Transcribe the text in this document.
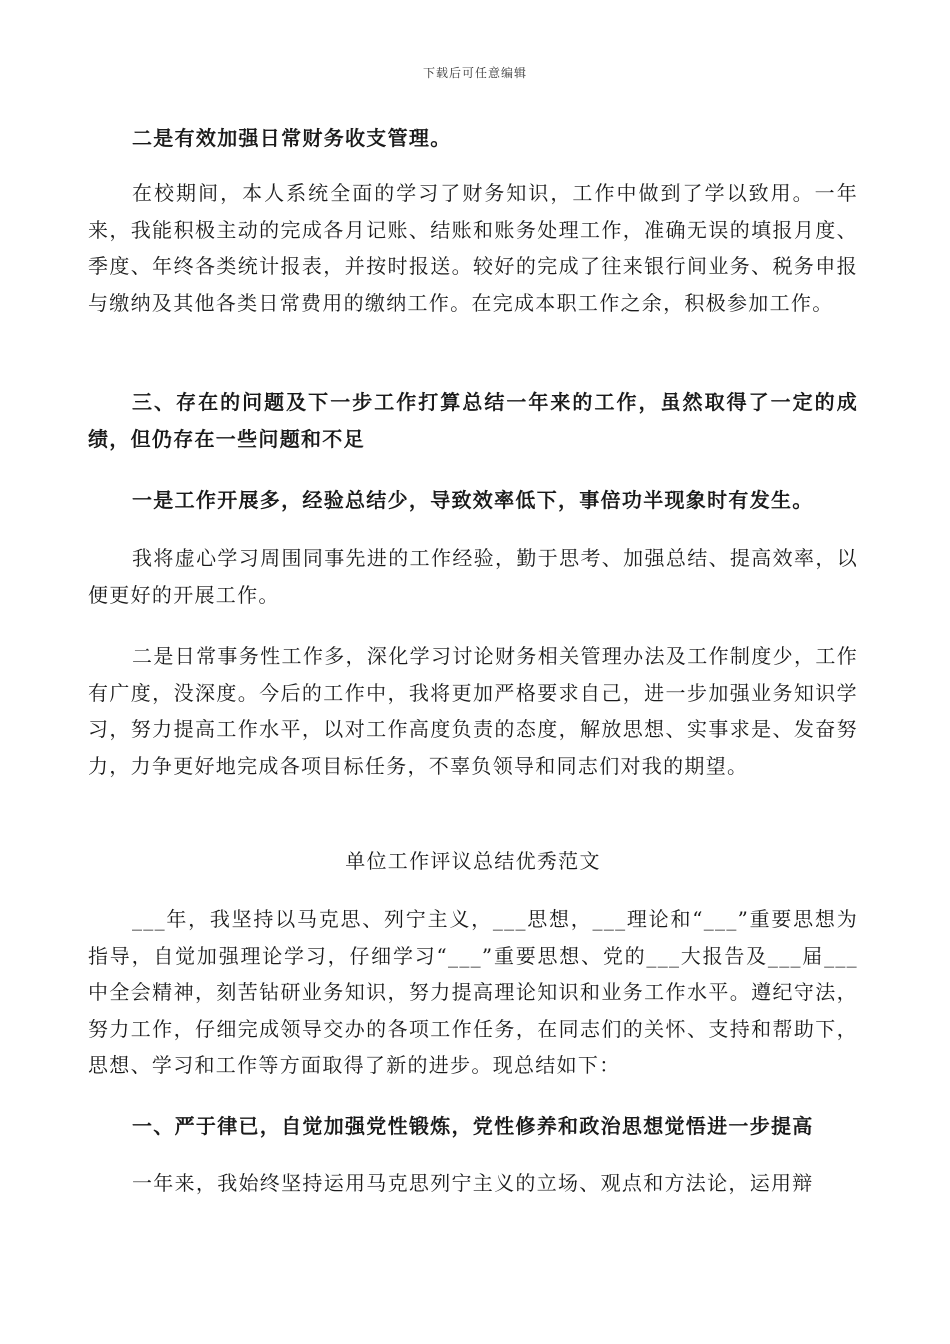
下载后可任意编辑
二是有效加强日常财务收支管理。
在校期间，本人系统全面的学习了财务知识，工作中做到了学以致用。一年来，我能积极主动的完成各月记账、结账和账务处理工作，准确无误的填报月度、季度、年终各类统计报表，并按时报送。较好的完成了往来银行间业务、税务申报与缴纳及其他各类日常费用的缴纳工作。在完成本职工作之余，积极参加工作。
三、存在的问题及下一步工作打算总结一年来的工作，虽然取得了一定的成绩，但仍存在一些问题和不足
一是工作开展多，经验总结少，导致效率低下，事倍功半现象时有发生。
我将虚心学习周围同事先进的工作经验，勤于思考、加强总结、提高效率，以便更好的开展工作。
二是日常事务性工作多，深化学习讨论财务相关管理办法及工作制度少，工作有广度，没深度。今后的工作中，我将更加严格要求自己，进一步加强业务知识学习，努力提高工作水平，以对工作高度负责的态度，解放思想、实事求是、发奋努力，力争更好地完成各项目标任务，不辜负领导和同志们对我的期望。
单位工作评议总结优秀范文
___年，我坚持以马克思、列宁主义，___思想，___理论和“___”重要思想为指导，自觉加强理论学习，仔细学习“___”重要思想、党的___大报告及___届___中全会精神，刻苦钻研业务知识，努力提高理论知识和业务工作水平。遵纪守法，努力工作，仔细完成领导交办的各项工作任务，在同志们的关怀、支持和帮助下，思想、学习和工作等方面取得了新的进步。现总结如下：
一、严于律已，自觉加强党性锻炼，党性修养和政治思想觉悟进一步提高
一年来，我始终坚持运用马克思列宁主义的立场、观点和方法论，运用辩
